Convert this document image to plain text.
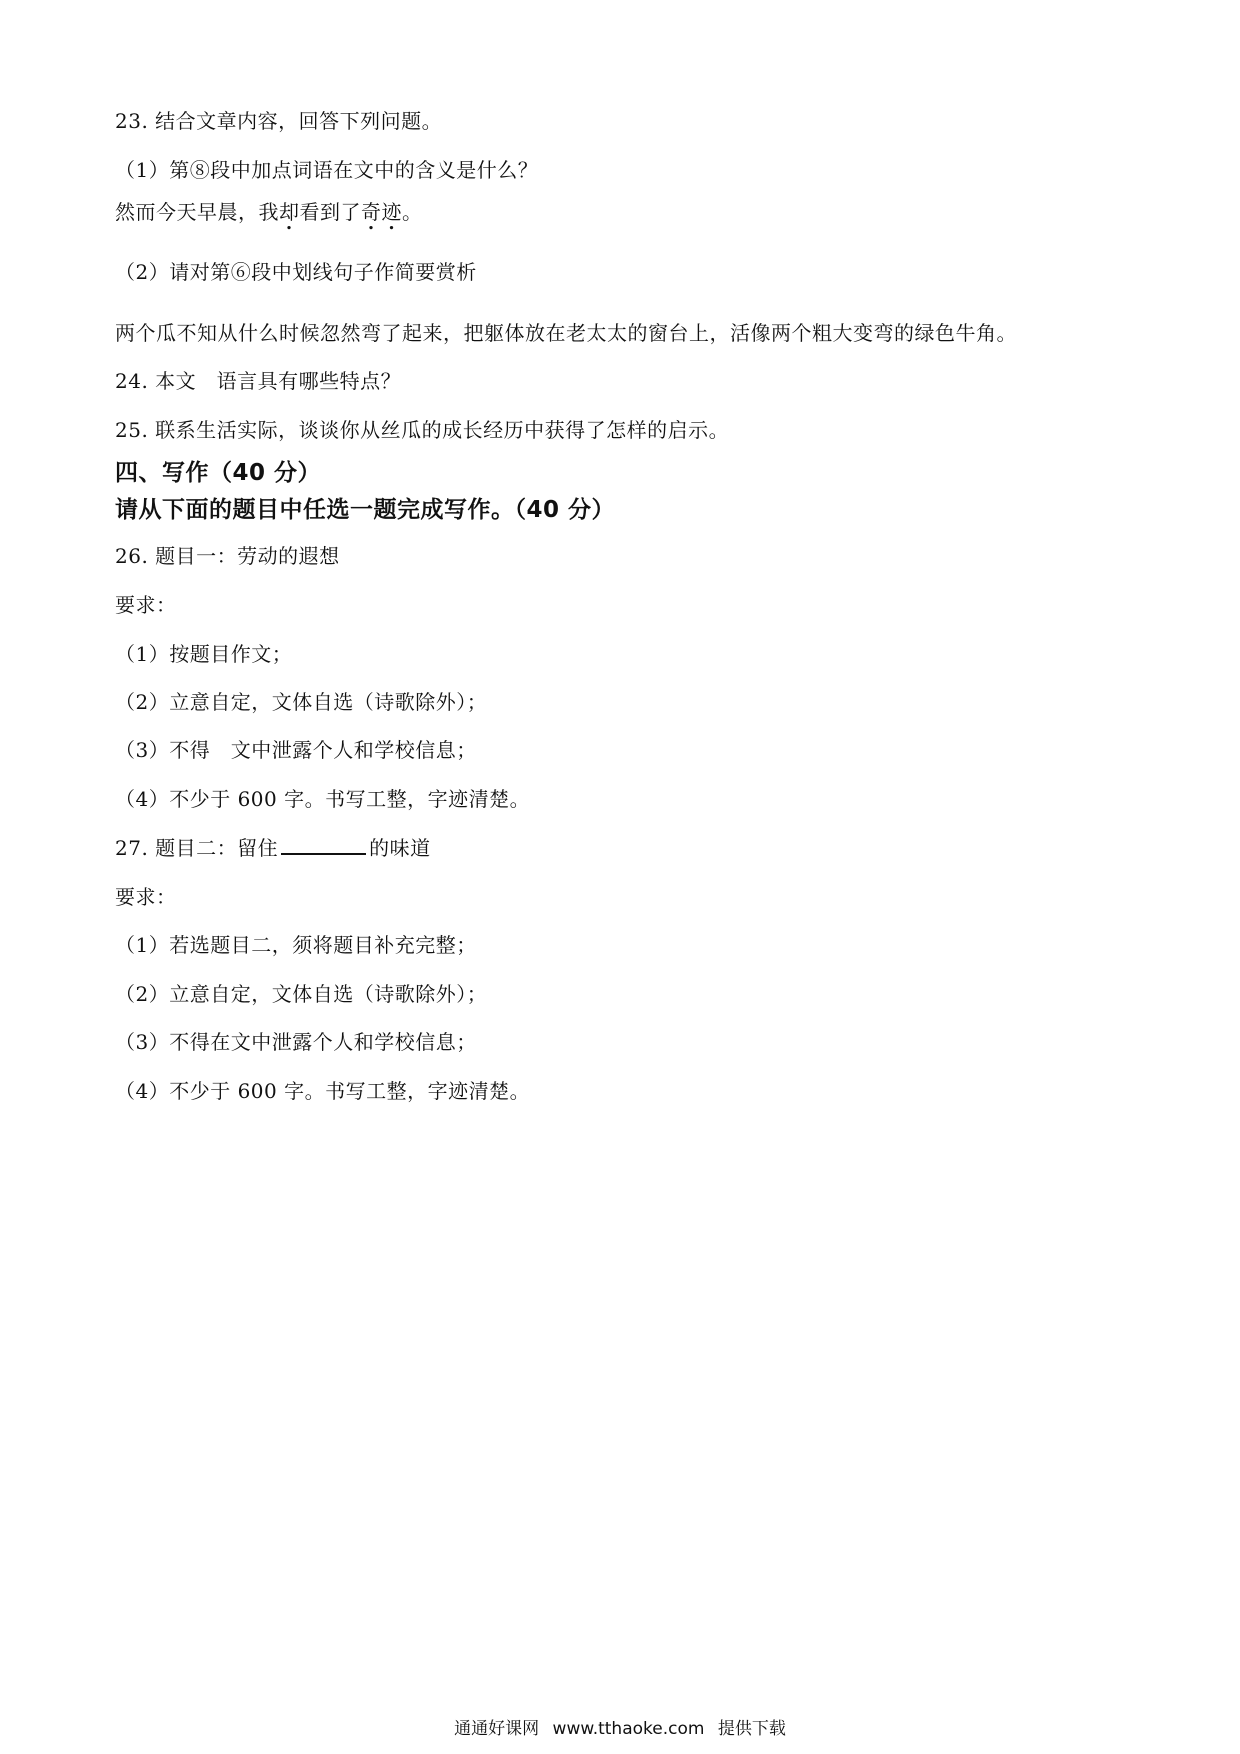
23. 结合文章内容，回答下列问题。
（1）第⑧段中加点词语在文中的含义是什么？
然而今天早晨，我却看到了奇迹。
（2）请对第⑥段中划线句子作简要赏析
两个瓜不知从什么时候忽然弯了起来，把躯体放在老太太的窗台上，活像两个粗大变弯的绿色牛角。
24. 本文　语言具有哪些特点？
25. 联系生活实际，谈谈你从丝瓜的成长经历中获得了怎样的启示。
四、写作（40 分）
请从下面的题目中任选一题完成写作。（40 分）
26. 题目一：劳动的遐想
要求：
（1）按题目作文；
（2）立意自定，文体自选（诗歌除外）；
（3）不得　文中泄露个人和学校信息；
（4）不少于 600 字。书写工整，字迹清楚。
27. 题目二：留住	的味道
要求：
（1）若选题目二，须将题目补充完整；
（2）立意自定，文体自选（诗歌除外）；
（3）不得在文中泄露个人和学校信息；
（4）不少于 600 字。书写工整，字迹清楚。
通通好课网 www.tthaoke.com 提供下载
